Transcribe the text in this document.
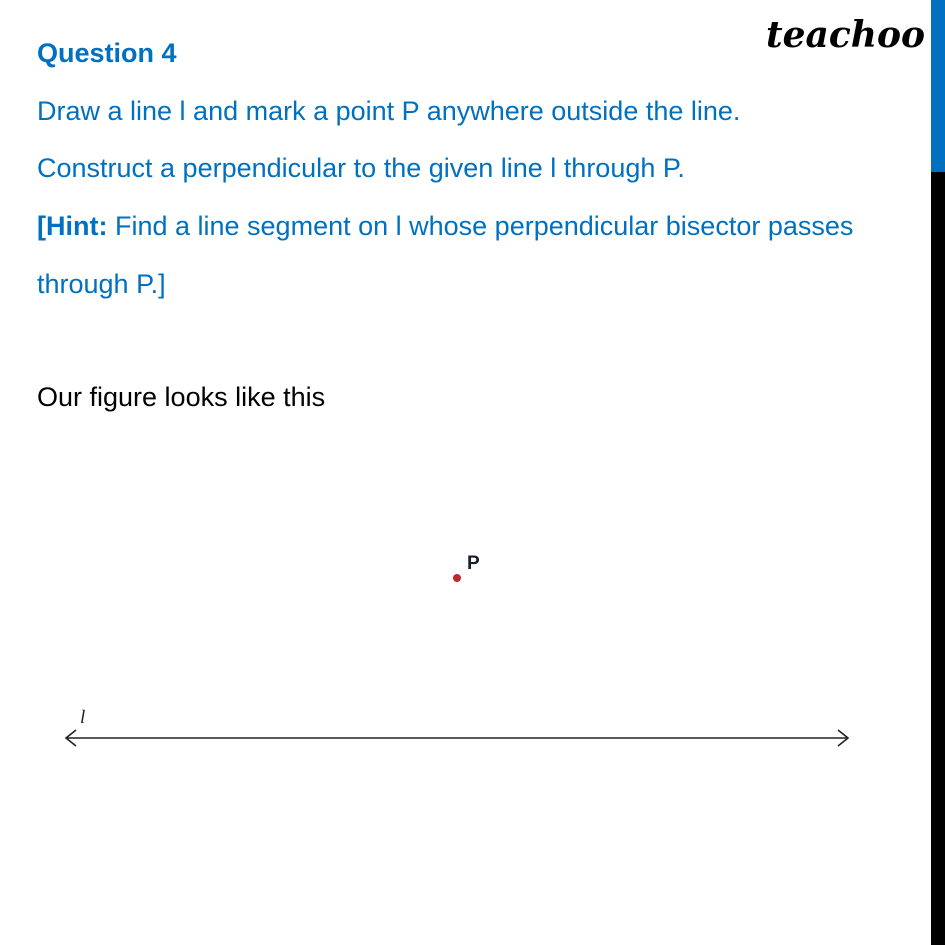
teachoo
Question 4
Draw a line l and mark a point P anywhere outside the line.
Construct a perpendicular to the given line l through P.
[Hint: Find a line segment on l whose perpendicular bisector passes
through P.]
Our figure looks like this
P
l
